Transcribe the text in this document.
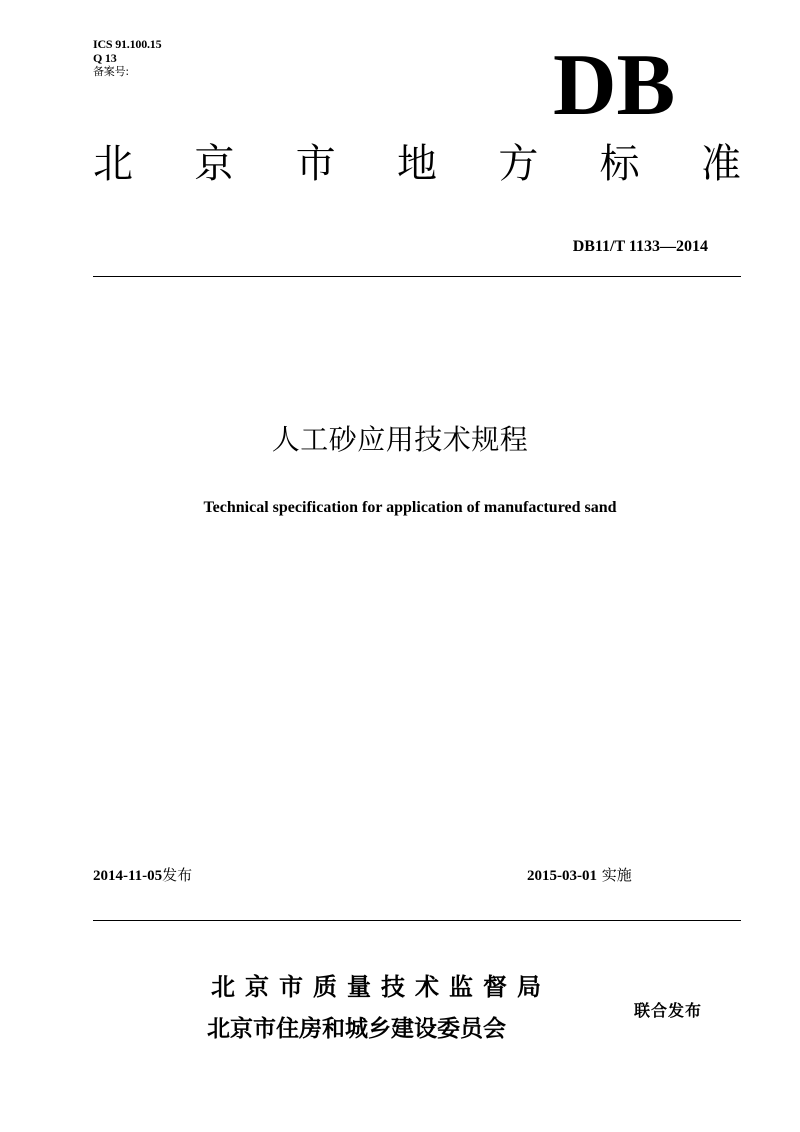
ICS 91.100.15
Q 13
备案号:	DB
北 京 市 地 方 标 准
DB11/T 1133—2014
人工砂应用技术规程
Technical specification for application of manufactured sand
2014-11-05发布	2015-03-01 实施
北京市质量技术监督局
北京市住房和城乡建设委员会
联合发布
